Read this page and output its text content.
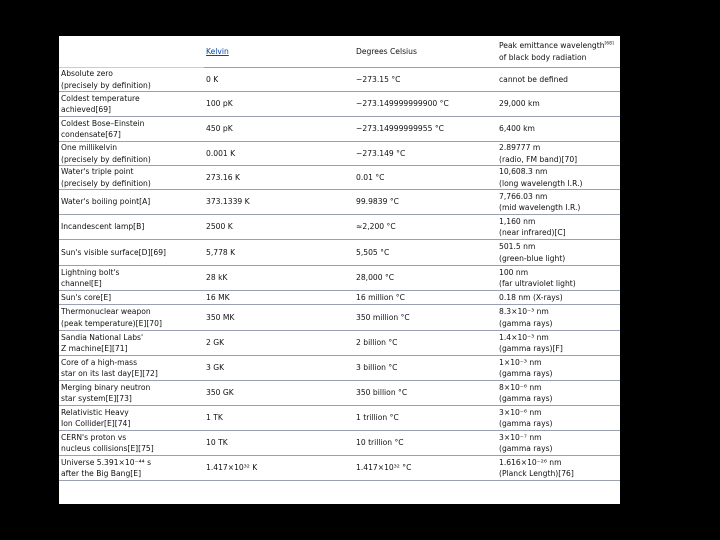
	Kelvin	Degrees Celsius	Peak emittance wavelength[68]
of black body radiation

Absolute zero
(precisely by definition)	0 K	−273.15 °C	cannot be defined

Coldest temperature
achieved[69]	100 pK	−273.149999999900 °C	29,000 km

Coldest Bose–Einstein
condensate[67]	450 pK	−273.14999999955 °C	6,400 km

One millikelvin
(precisely by definition)	0.001 K	−273.149 °C	2.89777 m
(radio, FM band)[70]

Water's triple point
(precisely by definition)	273.16 K	0.01 °C	10,608.3 nm
(long wavelength I.R.)

Water's boiling point[A]	373.1339 K	99.9839 °C	7,766.03 nm
(mid wavelength I.R.)

Incandescent lamp[B]	2500 K	≈2,200 °C	1,160 nm
(near infrared)[C]

Sun's visible surface[D][69]	5,778 K	5,505 °C	501.5 nm
(green-blue light)

Lightning bolt's
channel[E]	28 kK	28,000 °C	100 nm
(far ultraviolet light)

Sun's core[E]	16 MK	16 million °C	0.18 nm (X-rays)

Thermonuclear weapon
(peak temperature)[E][70]	350 MK	350 million °C	8.3×10⁻³ nm
(gamma rays)

Sandia National Labs'
Z machine[E][71]	2 GK	2 billion °C	1.4×10⁻³ nm
(gamma rays)[F]

Core of a high-mass
star on its last day[E][72]	3 GK	3 billion °C	1×10⁻³ nm
(gamma rays)

Merging binary neutron
star system[E][73]	350 GK	350 billion °C	8×10⁻⁶ nm
(gamma rays)

Relativistic Heavy
Ion Collider[E][74]	1 TK	1 trillion °C	3×10⁻⁶ nm
(gamma rays)

CERN's proton vs
nucleus collisions[E][75]	10 TK	10 trillion °C	3×10⁻⁷ nm
(gamma rays)

Universe 5.391×10⁻⁴⁴ s
after the Big Bang[E]	1.417×10³² K	1.417×10³² °C	1.616×10⁻²⁶ nm
(Planck Length)[76]
